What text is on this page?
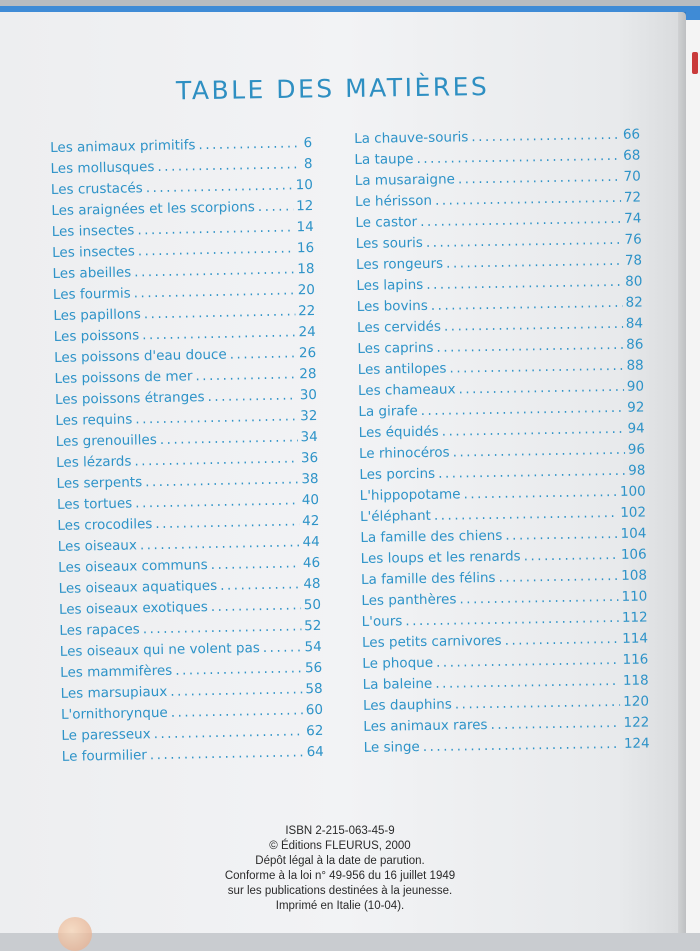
TABLE DES MATIÈRES
Les animaux primitifs .....	6
Les mollusques .....	8
Les crustacés .....	10
Les araignées et les scorpions .....	12
Les insectes .....	14
Les insectes .....	16
Les abeilles .....	18
Les fourmis .....	20
Les papillons .....	22
Les poissons .....	24
Les poissons d'eau douce .....	26
Les poissons de mer .....	28
Les poissons étranges .....	30
Les requins .....	32
Les grenouilles .....	34
Les lézards .....	36
Les serpents .....	38
Les tortues .....	40
Les crocodiles .....	42
Les oiseaux .....	44
Les oiseaux communs .....	46
Les oiseaux aquatiques .....	48
Les oiseaux exotiques .....	50
Les rapaces .....	52
Les oiseaux qui ne volent pas .....	54
Les mammifères .....	56
Les marsupiaux .....	58
L'ornithorynque .....	60
Le paresseux .....	62
Le fourmilier .....	64
La chauve-souris .....	66
La taupe .....	68
La musaraigne .....	70
Le hérisson .....	72
Le castor .....	74
Les souris .....	76
Les rongeurs .....	78
Les lapins .....	80
Les bovins .....	82
Les cervidés .....	84
Les caprins .....	86
Les antilopes .....	88
Les chameaux .....	90
La girafe .....	92
Les équidés .....	94
Le rhinocéros .....	96
Les porcins .....	98
L'hippopotame .....	100
L'éléphant .....	102
La famille des chiens .....	104
Les loups et les renards .....	106
La famille des félins .....	108
Les panthères .....	110
L'ours .....	112
Les petits carnivores .....	114
Le phoque .....	116
La baleine .....	118
Les dauphins .....	120
Les animaux rares .....	122
Le singe .....	124
ISBN 2-215-063-45-9
© Éditions FLEURUS, 2000
Dépôt légal à la date de parution.
Conforme à la loi n° 49-956 du 16 juillet 1949
sur les publications destinées à la jeunesse.
Imprimé en Italie (10-04).
